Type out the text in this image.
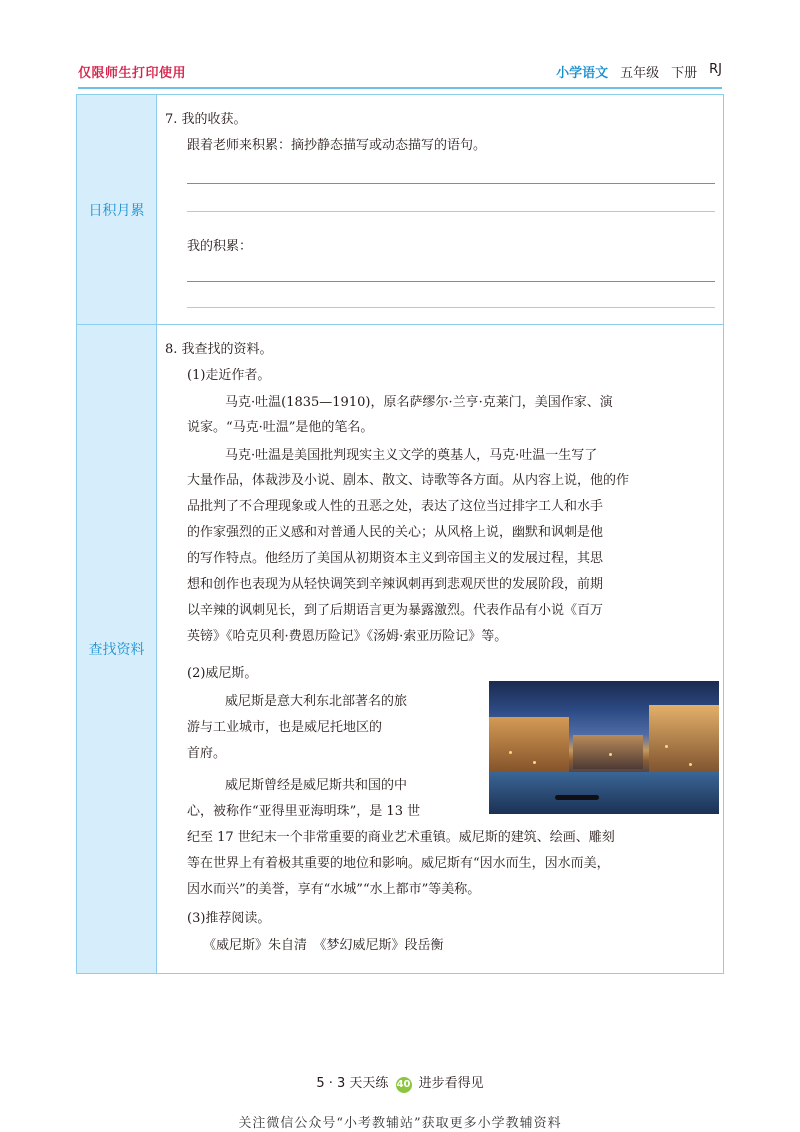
仅限师生打印使用	小学语文 五年级 下册 RJ
日积月累
查找资料
7. 我的收获。
跟着老师来积累：摘抄静态描写或动态描写的语句。
我的积累：
8. 我查找的资料。
(1)走近作者。
马克·吐温(1835—1910)，原名萨缪尔·兰亨·克莱门，美国作家、演
说家。“马克·吐温”是他的笔名。
马克·吐温是美国批判现实主义文学的奠基人，马克·吐温一生写了
大量作品，体裁涉及小说、剧本、散文、诗歌等各方面。从内容上说，他的作
品批判了不合理现象或人性的丑恶之处，表达了这位当过排字工人和水手
的作家强烈的正义感和对普通人民的关心；从风格上说，幽默和讽刺是他
的写作特点。他经历了美国从初期资本主义到帝国主义的发展过程，其思
想和创作也表现为从轻快调笑到辛辣讽刺再到悲观厌世的发展阶段，前期
以辛辣的讽刺见长，到了后期语言更为暴露激烈。代表作品有小说《百万
英镑》《哈克贝利·费恩历险记》《汤姆·索亚历险记》等。
(2)威尼斯。
威尼斯是意大利东北部著名的旅
游与工业城市，也是威尼托地区的
首府。
威尼斯曾经是威尼斯共和国的中
心，被称作“亚得里亚海明珠”，是 13 世
纪至 17 世纪末一个非常重要的商业艺术重镇。威尼斯的建筑、绘画、雕刻
等在世界上有着极其重要的地位和影响。威尼斯有“因水而生，因水而美，
因水而兴”的美誉，享有“水城”“水上都市”等美称。
(3)推荐阅读。
《威尼斯》朱自清　《梦幻威尼斯》段岳衡
5 · 3 天天练 40 进步看得见
关注微信公众号“小考教辅站”获取更多小学教辅资料
